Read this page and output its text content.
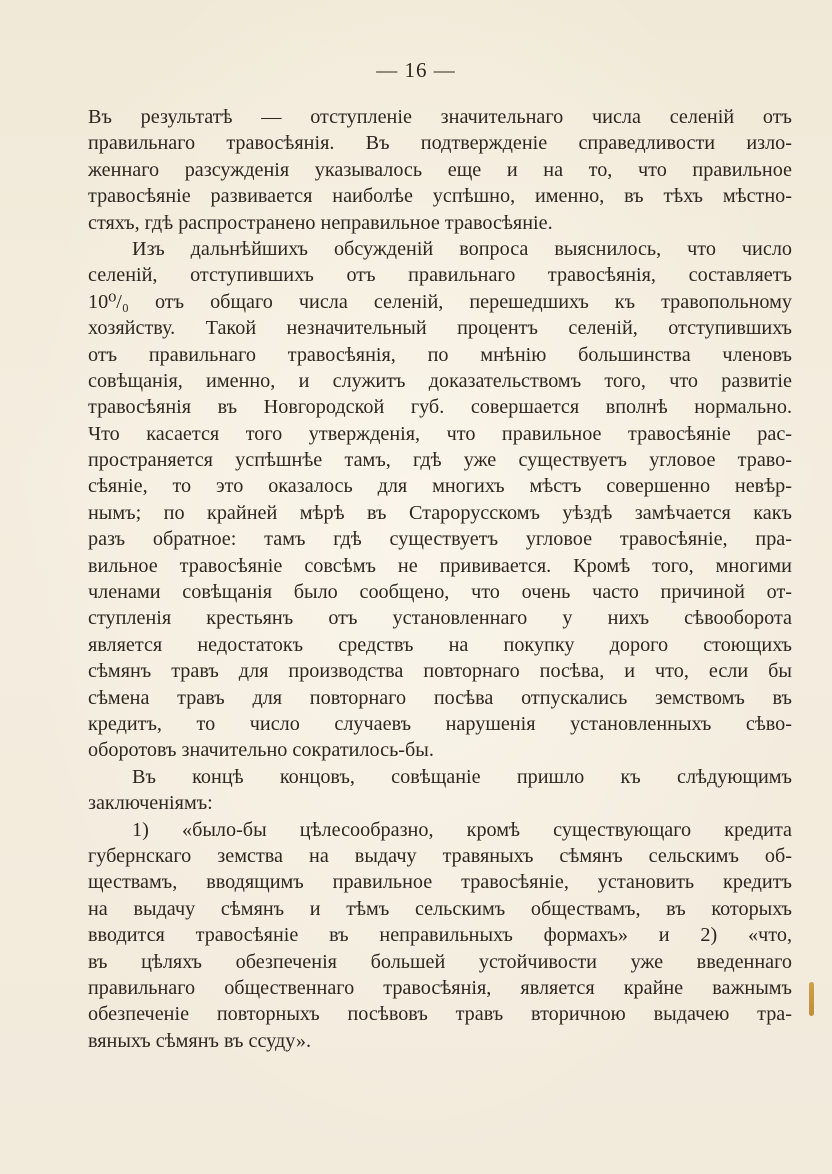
— 16 —
Въ результатѣ — отступленіе значительнаго числа селеній отъ
правильнаго травосѣянія. Въ подтвержденіе справедливости изло-
женнаго разсужденія указывалось еще и на то, что правильное
травосѣяніе развивается наиболѣе успѣшно, именно, въ тѣхъ мѣстно-
стяхъ, гдѣ распространено неправильное травосѣяніе.
Изъ дальнѣйшихъ обсужденій вопроса выяснилось, что число
селеній, отступившихъ отъ правильнаго травосѣянія, составляетъ
10⁰/₀ отъ общаго числа селеній, перешедшихъ къ травопольному
хозяйству. Такой незначительный процентъ селеній, отступившихъ
отъ правильнаго травосѣянія, по мнѣнію большинства членовъ
совѣщанія, именно, и служитъ доказательствомъ того, что развитіе
травосѣянія въ Новгородской губ. совершается вполнѣ нормально.
Что касается того утвержденія, что правильное травосѣяніе рас-
пространяется успѣшнѣе тамъ, гдѣ уже существуетъ угловое траво-
сѣяніе, то это оказалось для многихъ мѣстъ совершенно невѣр-
нымъ; по крайней мѣрѣ въ Старорусскомъ уѣздѣ замѣчается какъ
разъ обратное: тамъ гдѣ существуетъ угловое травосѣяніе, пра-
вильное травосѣяніе совсѣмъ не прививается. Кромѣ того, многими
членами совѣщанія было сообщено, что очень часто причиной от-
ступленія крестьянъ отъ установленнаго у нихъ сѣвооборота
является недостатокъ средствъ на покупку дорого стоющихъ
сѣмянъ травъ для производства повторнаго посѣва, и что, если бы
сѣмена травъ для повторнаго посѣва отпускались земствомъ въ
кредитъ, то число случаевъ нарушенія установленныхъ сѣво-
оборотовъ значительно сократилось-бы.
Въ концѣ концовъ, совѣщаніе пришло къ слѣдующимъ
заключеніямъ:
1) «было-бы цѣлесообразно, кромѣ существующаго кредита
губернскаго земства на выдачу травяныхъ сѣмянъ сельскимъ об-
ществамъ, вводящимъ правильное травосѣяніе, установить кредитъ
на выдачу сѣмянъ и тѣмъ сельскимъ обществамъ, въ которыхъ
вводится травосѣяніе въ неправильныхъ формахъ» и 2) «что,
въ цѣляхъ обезпеченія большей устойчивости уже введеннаго
правильнаго общественнаго травосѣянія, является крайне важнымъ
обезпеченіе повторныхъ посѣвовъ травъ вторичною выдачею тра-
вяныхъ сѣмянъ въ ссуду».
